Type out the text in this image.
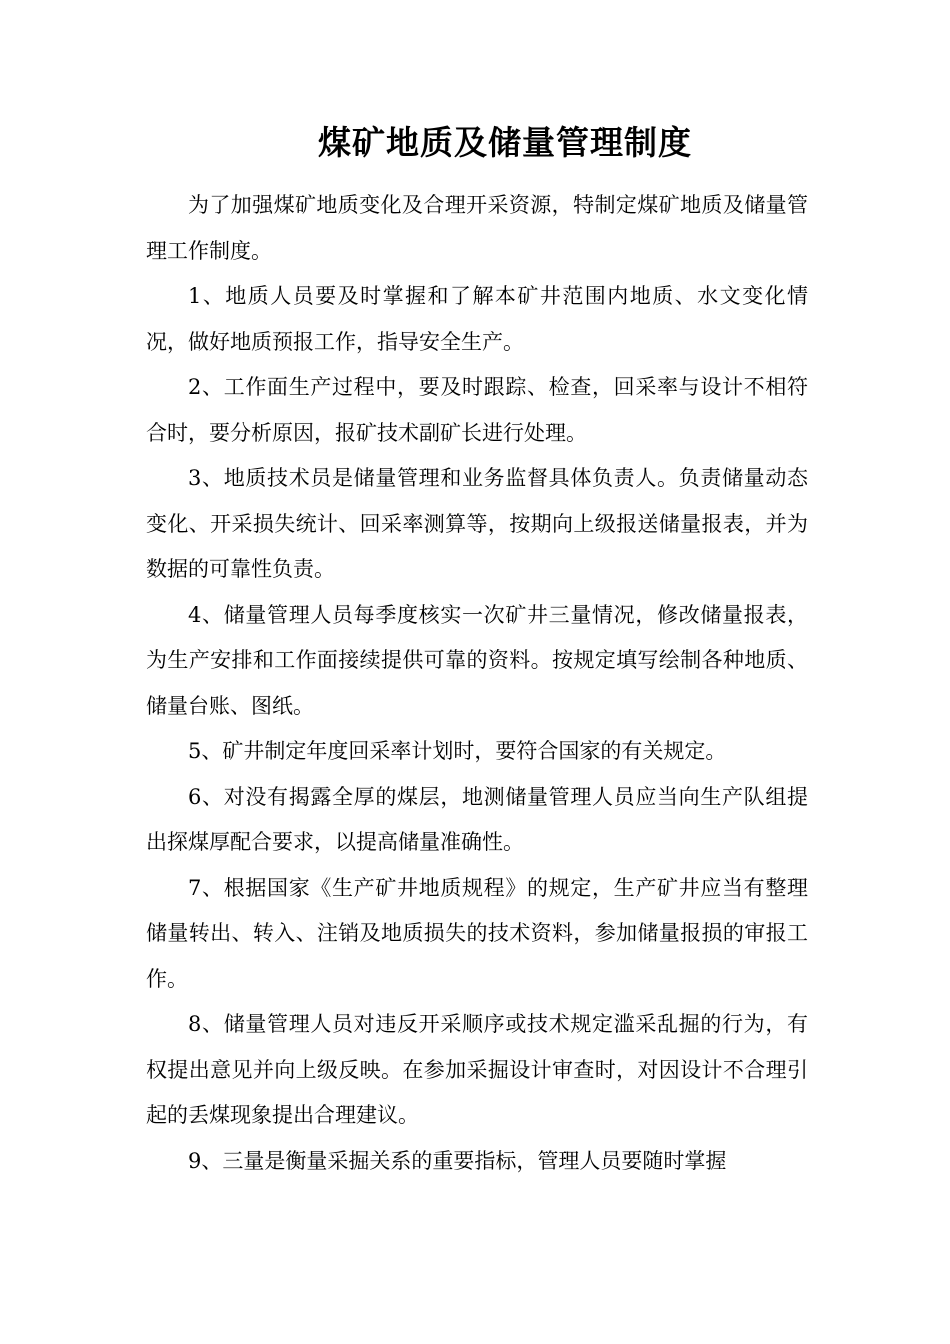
煤矿地质及储量管理制度

为了加强煤矿地质变化及合理开采资源，特制定煤矿地质及储量管理工作制度。

1、地质人员要及时掌握和了解本矿井范围内地质、水文变化情况，做好地质预报工作，指导安全生产。

2、工作面生产过程中，要及时跟踪、检查，回采率与设计不相符合时，要分析原因，报矿技术副矿长进行处理。

3、地质技术员是储量管理和业务监督具体负责人。负责储量动态变化、开采损失统计、回采率测算等，按期向上级报送储量报表，并为数据的可靠性负责。

4、储量管理人员每季度核实一次矿井三量情况，修改储量报表，为生产安排和工作面接续提供可靠的资料。按规定填写绘制各种地质、储量台账、图纸。

5、矿井制定年度回采率计划时，要符合国家的有关规定。

6、对没有揭露全厚的煤层，地测储量管理人员应当向生产队组提出探煤厚配合要求，以提高储量准确性。

7、根据国家《生产矿井地质规程》的规定，生产矿井应当有整理储量转出、转入、注销及地质损失的技术资料，参加储量报损的审报工作。

8、储量管理人员对违反开采顺序或技术规定滥采乱掘的行为，有权提出意见并向上级反映。在参加采掘设计审查时，对因设计不合理引起的丢煤现象提出合理建议。

9、三量是衡量采掘关系的重要指标，管理人员要随时掌握
